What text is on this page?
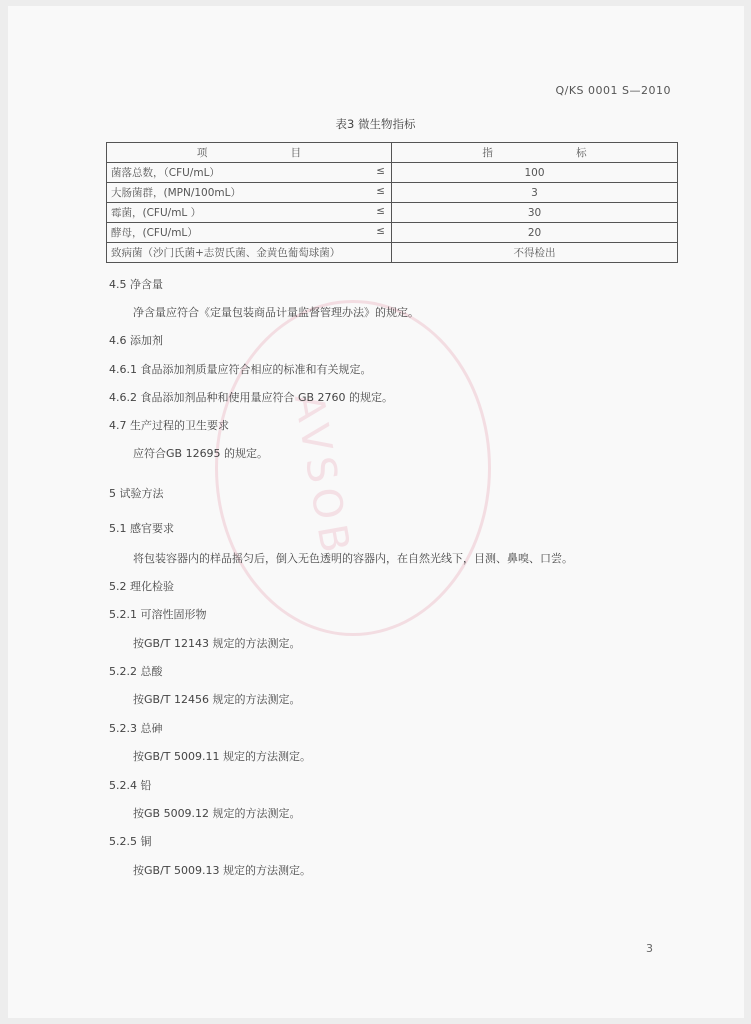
Q/KS 0001 S—2010
表3 微生物指标
项 目	指 标
菌落总数，（CFU/mL） ≤	100
大肠菌群，(MPN/100mL） ≤	3
霉菌，(CFU/mL ） ≤	30
酵母，(CFU/mL） ≤	20
致病菌（沙门氏菌+志贺氏菌、金黄色葡萄球菌）	不得检出
AVSOB
4.5 净含量
净含量应符合《定量包装商品计量监督管理办法》的规定。
4.6 添加剂
4.6.1 食品添加剂质量应符合相应的标准和有关规定。
4.6.2 食品添加剂品种和使用量应符合 GB 2760 的规定。
4.7 生产过程的卫生要求
应符合GB 12695 的规定。
5 试验方法
5.1 感官要求
将包装容器内的样品摇匀后，倒入无色透明的容器内，在自然光线下，目测、鼻嗅、口尝。
5.2 理化检验
5.2.1 可溶性固形物
按GB/T 12143 规定的方法测定。
5.2.2 总酸
按GB/T 12456 规定的方法测定。
5.2.3 总砷
按GB/T 5009.11 规定的方法测定。
5.2.4 铅
按GB 5009.12 规定的方法测定。
5.2.5 铜
按GB/T 5009.13 规定的方法测定。
3
